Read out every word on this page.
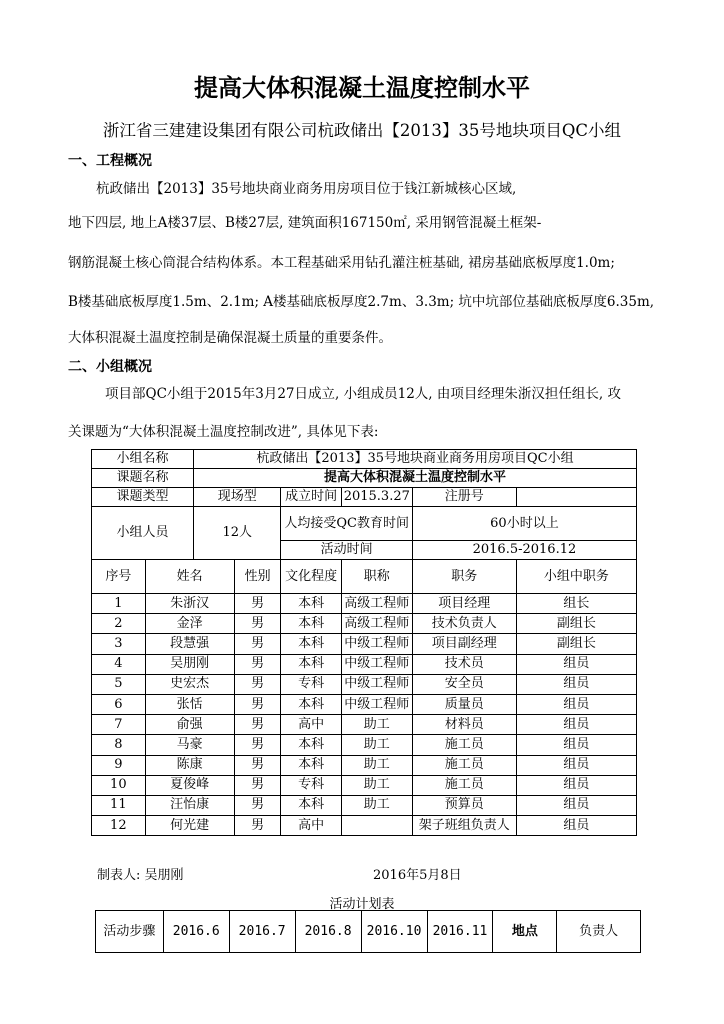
提高大体积混凝土温度控制水平
浙江省三建建设集团有限公司杭政储出【2013】35号地块项目QC小组
一、工程概况
杭政储出【2013】35号地块商业商务用房项目位于钱江新城核心区域,
地下四层, 地上A楼37层、B楼27层, 建筑面积167150㎡, 采用钢管混凝土框架-
钢筋混凝土核心筒混合结构体系。本工程基础采用钻孔灌注桩基础, 裙房基础底板厚度1.0m;
B楼基础底板厚度1.5m、2.1m; A楼基础底板厚度2.7m、3.3m; 坑中坑部位基础底板厚度6.35m,
大体积混凝土温度控制是确保混凝土质量的重要条件。
二、小组概况
项目部QC小组于2015年3月27日成立, 小组成员12人, 由项目经理朱浙汉担任组长, 攻
关课题为“大体积混凝土温度控制改进”, 具体见下表:
小组名称		杭政储出【2013】35号地块商业商务用房项目QC小组					
课题名称		提高大体积混凝土温度控制水平					
课题类型		现场型		成立时间	2015.3.27	注册号	
小组人员		12人		人均接受QC教育时间		60小时以上	
				活动时间		2016.5-2016.12	
序号	姓名		性别	文化程度	职称	职务	小组中职务
1	朱浙汉		男	本科	高级工程师	项目经理	组长
2	金泽		男	本科	高级工程师	技术负责人	副组长
3	段慧强		男	本科	中级工程师	项目副经理	副组长
4	吴朋刚		男	本科	中级工程师	技术员	组员
5	史宏杰		男	专科	中级工程师	安全员	组员
6	张恬		男	本科	中级工程师	质量员	组员
7	俞强		男	高中	助工	材料员	组员
8	马豪		男	本科	助工	施工员	组员
9	陈康		男	本科	助工	施工员	组员
10	夏俊峰		男	专科	助工	施工员	组员
11	汪怡康		男	本科	助工	预算员	组员
12	何光建		男	高中		架子班组负责人	组员
制表人: 吴朋刚	2016年5月8日
活动计划表
活动步骤	2016.6	2016.7	2016.8	2016.10	2016.11	地点	负责人
